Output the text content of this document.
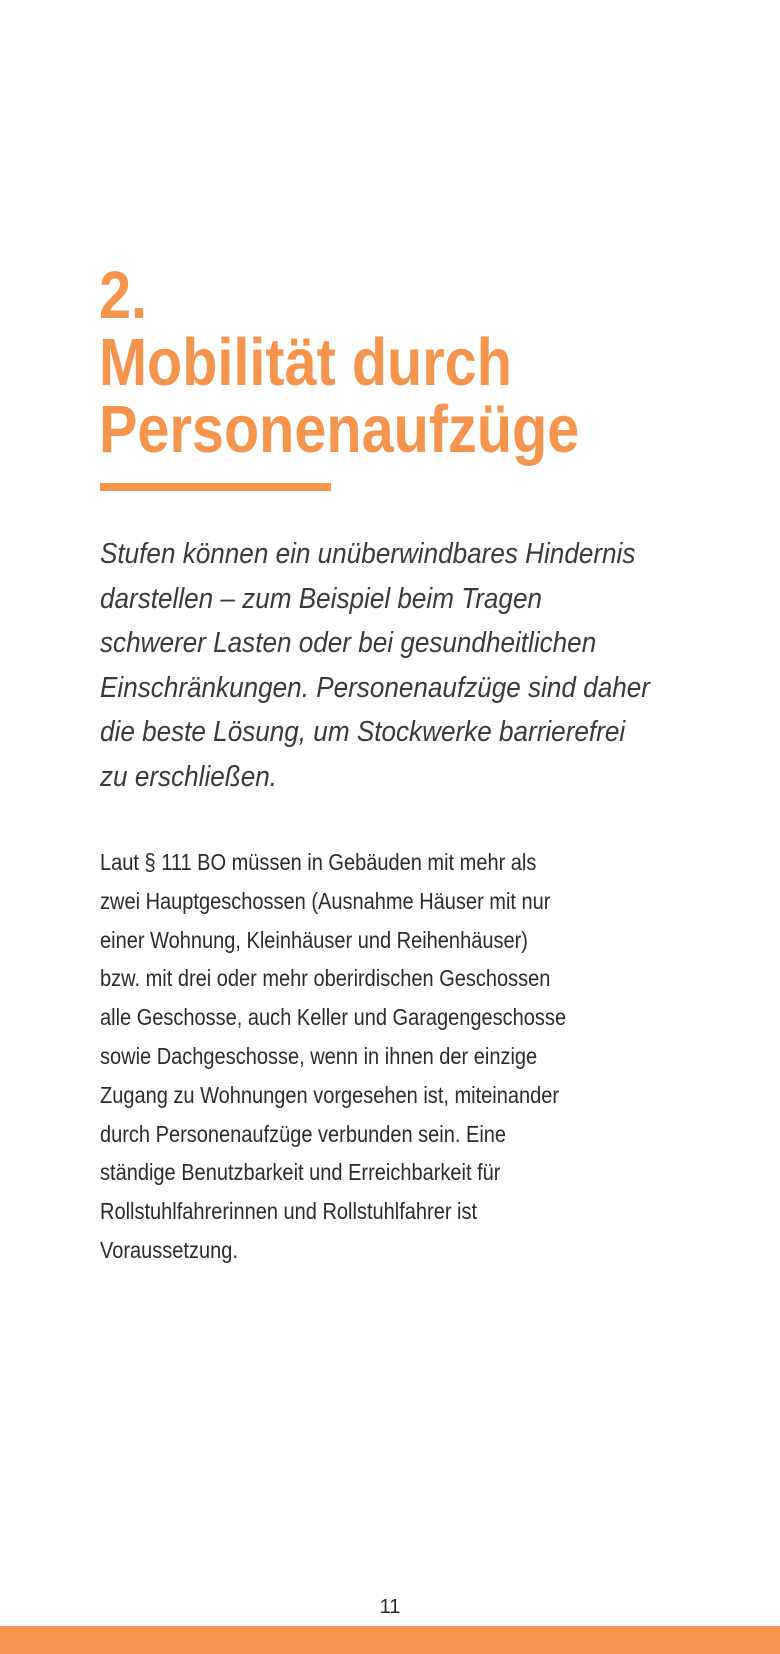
2.
Mobilität durch
Personenaufzüge

Stufen können ein unüberwindbares Hindernis
darstellen – zum Beispiel beim Tragen
schwerer Lasten oder bei gesundheitlichen
Einschränkungen. Personenaufzüge sind daher
die beste Lösung, um Stockwerke barrierefrei
zu erschließen.

Laut § 111 BO müssen in Gebäuden mit mehr als
zwei Hauptgeschossen (Ausnahme Häuser mit nur
einer Wohnung, Kleinhäuser und Reihenhäuser)
bzw. mit drei oder mehr oberirdischen Geschossen
alle Geschosse, auch Keller und Garagengeschosse
sowie Dachgeschosse, wenn in ihnen der einzige
Zugang zu Wohnungen vorgesehen ist, miteinander
durch Personenaufzüge verbunden sein. Eine
ständige Benutzbarkeit und Erreichbarkeit für
Rollstuhlfahrerinnen und Rollstuhlfahrer ist
Voraussetzung.

11
